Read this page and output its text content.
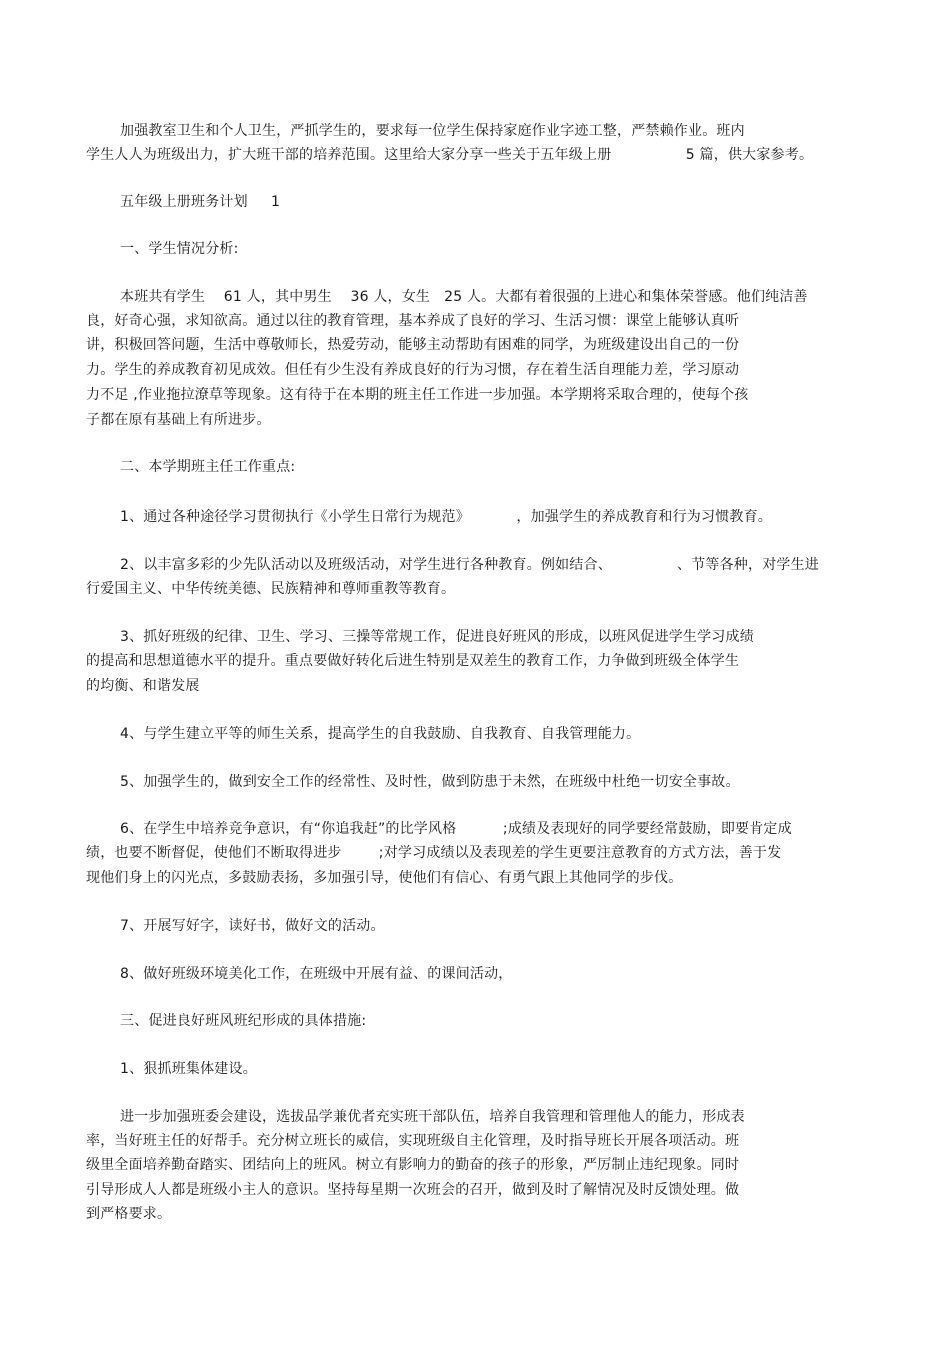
加强教室卫生和个人卫生，严抓学生的，要求每一位学生保持家庭作业字迹工整，严禁赖作业。班内
学生人人为班级出力，扩大班干部的培养范围。这里给大家分享一些关于五年级上册                5 篇，供大家参考。
五年级上册班务计划     1
一、学生情况分析:
本班共有学生    61 人，其中男生    36 人，女生   25 人。大都有着很强的上进心和集体荣誉感。他们纯洁善
良，好奇心强，求知欲高。通过以往的教育管理，基本养成了良好的学习、生活习惯：课堂上能够认真听
讲，积极回答问题，生活中尊敬师长，热爱劳动，能够主动帮助有困难的同学，为班级建设出自己的一份
力。学生的养成教育初见成效。但任有少生没有养成良好的行为习惯，存在着生活自理能力差，学习原动
力不足 ,作业拖拉潦草等现象。这有待于在本期的班主任工作进一步加强。本学期将采取合理的，使每个孩
子都在原有基础上有所进步。
二、本学期班主任工作重点:
1、通过各种途径学习贯彻执行《小学生日常行为规范》          ，加强学生的养成教育和行为习惯教育。
2、以丰富多彩的少先队活动以及班级活动，对学生进行各种教育。例如结合、              、节等各种，对学生进
行爱国主义、中华传统美德、民族精神和尊师重教等教育。
3、抓好班级的纪律、卫生、学习、三操等常规工作，促进良好班风的形成，以班风促进学生学习成绩
的提高和思想道德水平的提升。重点要做好转化后进生特别是双差生的教育工作，力争做到班级全体学生
的均衡、和谐发展
4、与学生建立平等的师生关系，提高学生的自我鼓励、自我教育、自我管理能力。
5、加强学生的，做到安全工作的经常性、及时性，做到防患于未然，在班级中杜绝一切安全事故。
6、在学生中培养竞争意识，有“你追我赶”的比学风格          ;成绩及表现好的同学要经常鼓励，即要肯定成
绩，也要不断督促，使他们不断取得进步        ;对学习成绩以及表现差的学生更要注意教育的方式方法，善于发
现他们身上的闪光点，多鼓励表扬，多加强引导，使他们有信心、有勇气跟上其他同学的步伐。
7、开展写好字，读好书，做好文的活动。
8、做好班级环境美化工作，在班级中开展有益、的课间活动，
三、促进良好班风班纪形成的具体措施:
1、狠抓班集体建设。
进一步加强班委会建设，选拔品学兼优者充实班干部队伍，培养自我管理和管理他人的能力，形成表
率，当好班主任的好帮手。充分树立班长的威信，实现班级自主化管理，及时指导班长开展各项活动。班
级里全面培养勤奋踏实、团结向上的班风。树立有影响力的勤奋的孩子的形象，严厉制止违纪现象。同时
引导形成人人都是班级小主人的意识。坚持每星期一次班会的召开，做到及时了解情况及时反馈处理。做
到严格要求。
